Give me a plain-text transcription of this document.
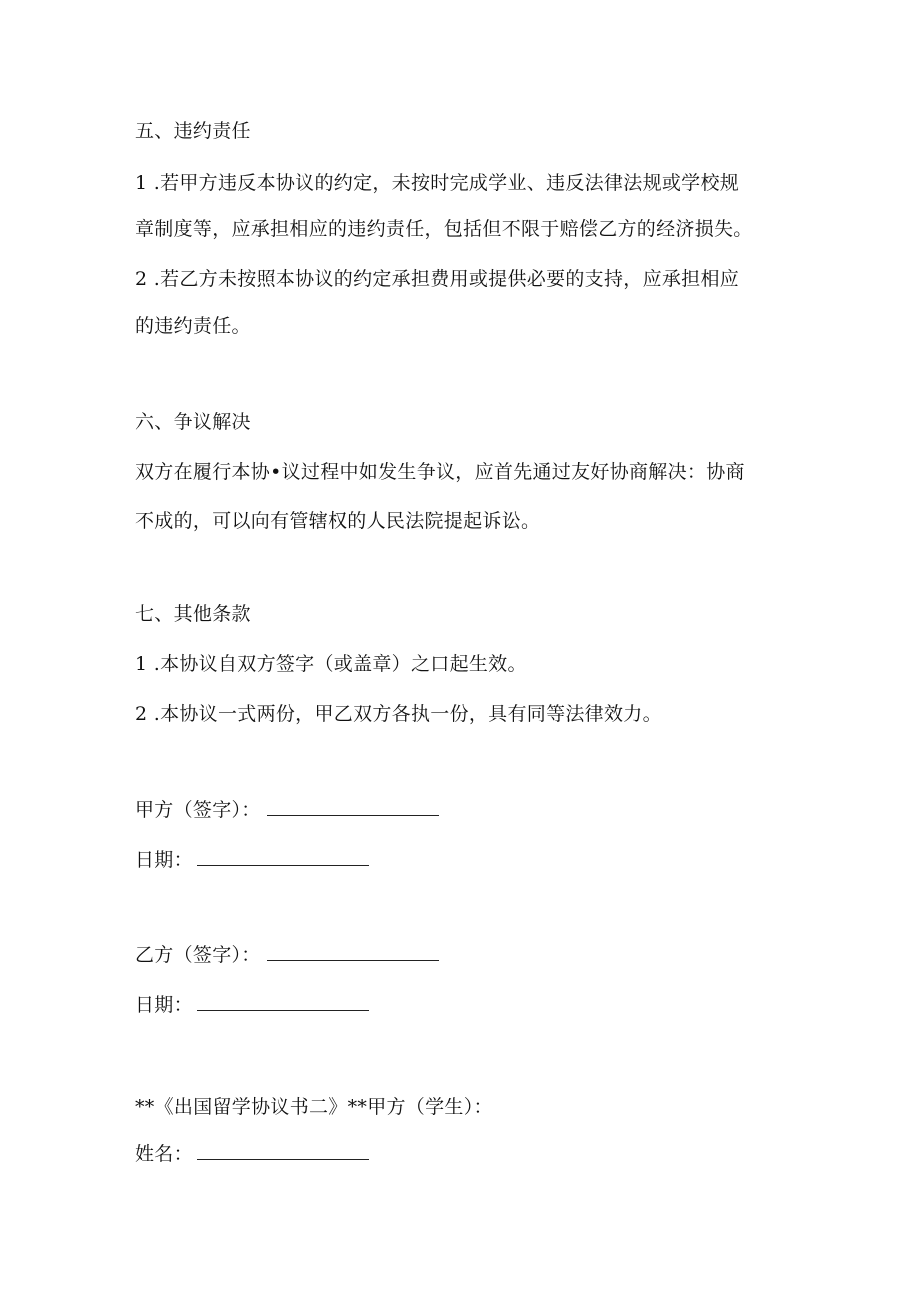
五、违约责任
1 .若甲方违反本协议的约定，未按时完成学业、违反法律法规或学校规
章制度等，应承担相应的违约责任，包括但不限于赔偿乙方的经济损失。
2 .若乙方未按照本协议的约定承担费用或提供必要的支持，应承担相应
的违约责任。
六、争议解决
双方在履行本协•议过程中如发生争议，应首先通过友好协商解决：协商
不成的，可以向有管辖权的人民法院提起诉讼。
七、其他条款
1 .本协议自双方签字（或盖章）之口起生效。
2 .本协议一式两份，甲乙双方各执一份，具有同等法律效力。
甲方（签字）：
日期：
乙方（签字）：
日期：
**《出国留学协议书二》**甲方（学生）：
姓名：
